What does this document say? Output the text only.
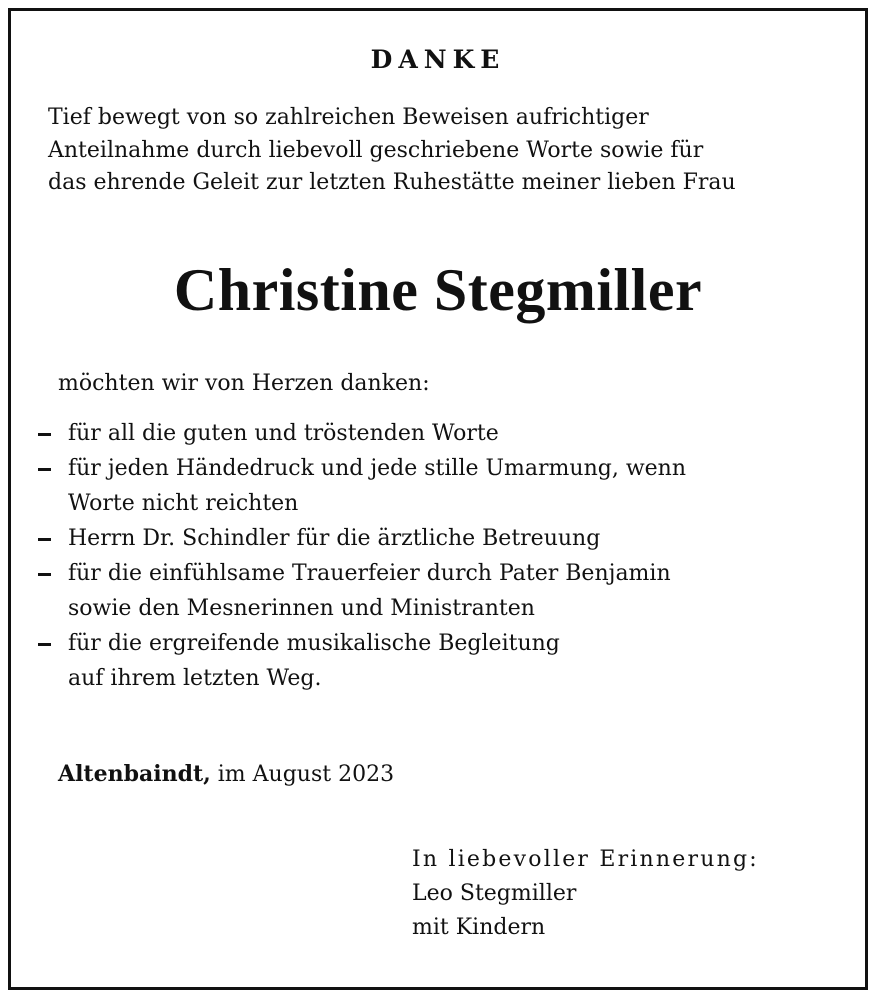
DANKE
Tief bewegt von so zahlreichen Beweisen aufrichtiger
Anteilnahme durch liebevoll geschriebene Worte sowie für
das ehrende Geleit zur letzten Ruhestätte meiner lieben Frau
Christine Stegmiller
möchten wir von Herzen danken:
für all die guten und tröstenden Worte
für jeden Händedruck und jede stille Umarmung, wenn
Worte nicht reichten
Herrn Dr. Schindler für die ärztliche Betreuung
für die einfühlsame Trauerfeier durch Pater Benjamin
sowie den Mesnerinnen und Ministranten
für die ergreifende musikalische Begleitung
auf ihrem letzten Weg.
Altenbaindt, im August 2023
In liebevoller Erinnerung:
Leo Stegmiller
mit Kindern
